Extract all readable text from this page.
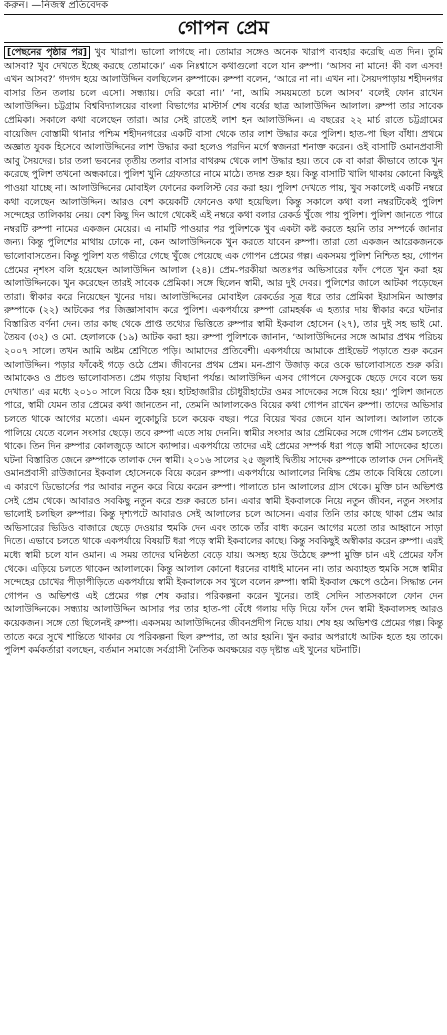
করুন। —নিজস্ব প্রতিবেদক
গোপন প্রেম

[পেছনের পৃষ্ঠার পর] খুব খারাপ। ভালো লাগছে না। তোমার সঙ্গেও অনেক খারাপ ব্যবহার করেছি এত দিন। তুমি আসবা? খুব দেখতে ইচ্ছে করছে তোমাকে।’ এক নিঃশ্বাসে কথাগুলো বলে যান রুম্পা। ‘আসব না মানে! কী বল এসব! এখন আসব?’ গদগদ হয়ে আলাউদ্দিন বলছিলেন রুম্পাকে। রুম্পা বলেন, ‘আরে না না। এখন না। সৈয়দপাড়ায় শহীদনগর বাসার তিন তলায় চলে এসো। সন্ধ্যায়। দেরি করো না।’ ‘না, আমি সময়মতো চলে আসব’ বলেই ফোন রাখেন আলাউদ্দিন। চট্টগ্রাম বিশ্ববিদ্যালয়ের বাংলা বিভাগের মাস্টার্স শেষ বর্ষের ছাত্র আলাউদ্দিন আলাল। রুম্পা তার সাবেক প্রেমিকা। সকালে কথা বলেছেন তারা। আর সেই রাতেই লাশ হন আলাউদ্দিন। এ বছরের ২২ মার্চ রাতে চট্টগ্রামের বায়েজিদ বোস্তামী থানার পশ্চিম শহীদনগরের একটি বাসা থেকে তার লাশ উদ্ধার করে পুলিশ। হাত-পা ছিল বাঁধা। প্রথমে অজ্ঞাত যুবক হিসেবে আলাউদ্দিনের লাশ উদ্ধার করা হলেও পরদিন মর্গে স্বজনরা শনাক্ত করেন। ওই বাসাটি ওমানপ্রবাসী আবু সৈয়দের। চার তলা ভবনের তৃতীয় তলার বাসার বাথরুম থেকে লাশ উদ্ধার হয়। তবে কে বা কারা কীভাবে তাকে খুন করেছে পুলিশ তখনো অন্ধকারে। পুলিশ খুনি গ্রেফতারে নামে মাঠে। তদন্ত শুরু হয়। কিন্তু বাসাটি খালি থাকায় কোনো কিছুই পাওয়া যাচ্ছে না। আলাউদ্দিনের মোবাইল ফোনের কললিস্ট বের করা হয়। পুলিশ দেখতে পায়, খুব সকালেই একটি নম্বরে কথা বলেছেন আলাউদ্দিন। আরও বেশ কয়েকটি ফোনেও কথা হয়েছিল। কিন্তু সকালে কথা বলা নম্বরটিকেই পুলিশ সন্দেহের তালিকায় নেয়। বেশ কিছু দিন আগে থেকেই এই নম্বরে কথা বলার রেকর্ড খুঁজে পায় পুলিশ। পুলিশ জানতে পারে নম্বরটি রুম্পা নামের একজন মেয়ের। এ নামটি পাওয়ার পর পুলিশকে খুব একটা কষ্ট করতে হয়নি তার সম্পর্কে জানার জন্য। কিন্তু পুলিশের মাথায় ঢোকে না, কেন আলাউদ্দিনকে খুন করতে যাবেন রুম্পা। তারা তো একজন আরেকজনকে ভালোবাসতেন। কিন্তু পুলিশ যত গভীরে গেছে খুঁজে পেয়েছে এক গোপন প্রেমের গল্প। একসময় পুলিশ নিশ্চিত হয়, গোপন প্রেমের নৃশংস বলি হয়েছেন আলাউদ্দিন আলাল (২৪)। প্রেম-পরকীয়া অতঃপর অভিসারের ফাঁদ পেতে খুন করা হয় আলাউদ্দিনকে। খুন করেছেন তারই সাবেক প্রেমিকা। সঙ্গে ছিলেন স্বামী, আর দুই দেবর। পুলিশের জালে আটকা পড়েছেন তারা। স্বীকার করে নিয়েছেন খুনের দায়। আলাউদ্দিনের মোবাইল রেকর্ডের সূত্র ধরে তার প্রেমিকা ইয়াসমিন আক্তার রুম্পাকে (২২) আটকের পর জিজ্ঞাসাবাদ করে পুলিশ। একপর্যায়ে রুম্পা রোমহর্ষক এ হত্যার দায় স্বীকার করে ঘটনার বিস্তারিত বর্ণনা দেন। তার কাছ থেকে প্রাপ্ত তথ্যের ভিত্তিতে রুম্পার স্বামী ইকবাল হোসেন (২৭), তার দুই সহ ভাই মো. তৈয়ব (৩২) ও মো. হেলালকে (১৯) আটক করা হয়। রুম্পা পুলিশকে জানান, ‘আলাউদ্দিনের সঙ্গে আমার প্রথম পরিচয় ২০০৭ সালে। তখন আমি অষ্টম শ্রেণিতে পড়ি। আমাদের প্রতিবেশী। একপর্যায়ে আমাকে প্রাইভেট পড়াতে শুরু করেন আলাউদ্দিন। পড়ার ফাঁকেই গড়ে ওঠে প্রেম। জীবনের প্রথম প্রেম। মন-প্রাণ উজাড় করে ওকে ভালোবাসতে শুরু করি। আমাকেও ও প্রচণ্ড ভালোবাসত। প্রেম গড়ায় বিছানা পর্যন্ত। আলাউদ্দিন এসব গোপনে ফেসবুকে ছেড়ে দেবে বলে ভয় দেখাত।’ এর মধ্যে ২০১০ সালে বিয়ে ঠিক হয়। হাটহাজারীর চৌধুরীহাটের ওমর সাদেকের সঙ্গে বিয়ে হয়।’ পুলিশ জানতে পারে, স্বামী যেমন তার প্রেমের কথা জানতেন না, তেমনি আলালকেও বিয়ের কথা গোপন রাখেন রুম্পা। তাদের অভিসার চলতে থাকে আগের মতো। এমন লুকোচুরি চলে কয়েক বছর। পরে বিয়ের খবর জেনে যান আলাল। আলাল তাকে পালিয়ে যেতে বলেন সংসার ছেড়ে। তবে রুম্পা এতে সায় দেননি। স্বামীর সংসার আর প্রেমিকের সঙ্গে গোপন প্রেম চলতেই থাকে। তিন দিন রুম্পার কোলজুড়ে আসে ক্যান্সার। একপর্যায়ে তাদের এই প্রেমের সম্পর্ক ধরা পড়ে স্বামী সাদেকের হাতে। ঘটনা বিস্তারিত জেনে রুম্পাকে তালাক দেন স্বামী। ২০১৬ সালের ২৫ জুলাই দ্বিতীয় সাদেক রুম্পাকে তালাক দেন সেদিনই ওমানপ্রবাসী রাউজানের ইকবাল হোসেনকে বিয়ে করেন রুম্পা। একপর্যায়ে আলালের নিষিদ্ধ প্রেম তাকে বিষিয়ে তোলে। এ কারণে ডিভোর্সের পর আবার নতুন করে বিয়ে করেন রুম্পা। পালাতে চান আলালের গ্রাস থেকে। মুক্তি চান অভিশপ্ত সেই প্রেম থেকে। আবারও সবকিছু নতুন করে শুরু করতে চান। এবার স্বামী ইকবালকে নিয়ে নতুন জীবন, নতুন সংসার ভালোই চলছিল রুম্পার। কিন্তু দৃশ্যপটে আবারও সেই আলালের চলে আসেন। এবার তিনি তার কাছে থাকা প্রেম আর অভিসারের ভিডিও বাজারে ছেড়ে দেওয়ার হুমকি দেন এবং তাকে তাঁর বাধ্য করেন আগের মতো তার আহ্বানে সাড়া দিতে। এভাবে চলতে থাকে একপর্যায়ে বিষয়টি ধরা পড়ে স্বামী ইকবালের কাছে। কিন্তু সবকিছুই অস্বীকার করেন রুম্পা। এরই মধ্যে স্বামী চলে যান ওমান। এ সময় তাদের ঘনিষ্ঠতা বেড়ে যায়। অসহ্য হয়ে উঠেছে রুম্পা মুক্তি চান এই প্রেমের ফাঁস থেকে। এড়িয়ে চলতে থাকেন আলালকে। কিন্তু আলাল কোনো ধরনের বাধাই মানেন না। তার অব্যাহত হুমকি সঙ্গে স্বামীর সন্দেহের চোখের পীড়াপীড়িতে একপর্যায়ে স্বামী ইকবালকে সব খুলে বলেন রুম্পা। স্বামী ইকবাল ক্ষেপে ওঠেন। সিদ্ধান্ত নেন গোপন ও অভিশপ্ত এই প্রেমের গল্প শেষ করার। পরিকল্পনা করেন খুনের। তাই সেদিন সাতসকালে ফোন দেন আলাউদ্দিনকে। সন্ধ্যায় আলাউদ্দিন আসার পর তার হাত-পা বেঁধে গলায় দড়ি দিয়ে ফাঁস দেন স্বামী ইকবালসহ আরও কয়েকজন। সঙ্গে তো ছিলেনই রুম্পা। একসময় আলাউদ্দিনের জীবনপ্রদীপ নিভে যায়। শেষ হয় অভিশপ্ত প্রেমের গল্প। কিন্তু তাতে করে সুখে শান্তিতে থাকার যে পরিকল্পনা ছিল রুম্পার, তা আর হয়নি। খুন করার অপরাধে আটক হতে হয় তাকে। পুলিশ কর্মকর্তারা বলছেন, বর্তমান সমাজে সর্বগ্রাসী নৈতিক অবক্ষয়ের বড় দৃষ্টান্ত এই খুনের ঘটনাটি।
